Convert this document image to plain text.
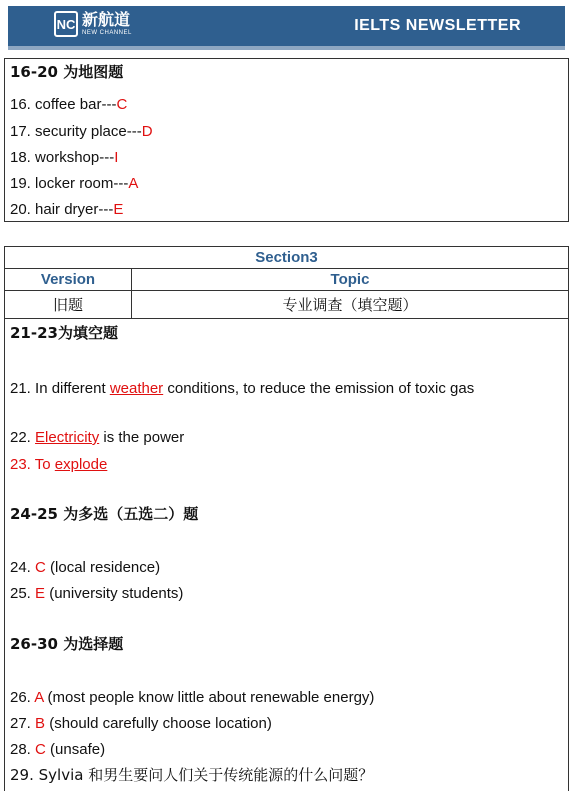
NC 新航道
NEW CHANNEL	IELTS NEWSLETTER
16-20 为地图题
16. coffee bar---C
17. security place---D
18. workshop---I
19. locker room---A
20. hair dryer---E
Section3	
Version	Topic
旧题	专业调查（填空题）
21-23为填空题
21. In different weather conditions, to reduce the emission of toxic gas
22. Electricity is the power
23. To explode
24-25 为多选（五选二）题
24. C (local residence)
25. E (university students)
26-30 为选择题
26. A (most people know little about renewable energy)
27. B (should carefully choose location)
28. C (unsafe)
29. Sylvia 和男生要问人们关于传统能源的什么问题？
